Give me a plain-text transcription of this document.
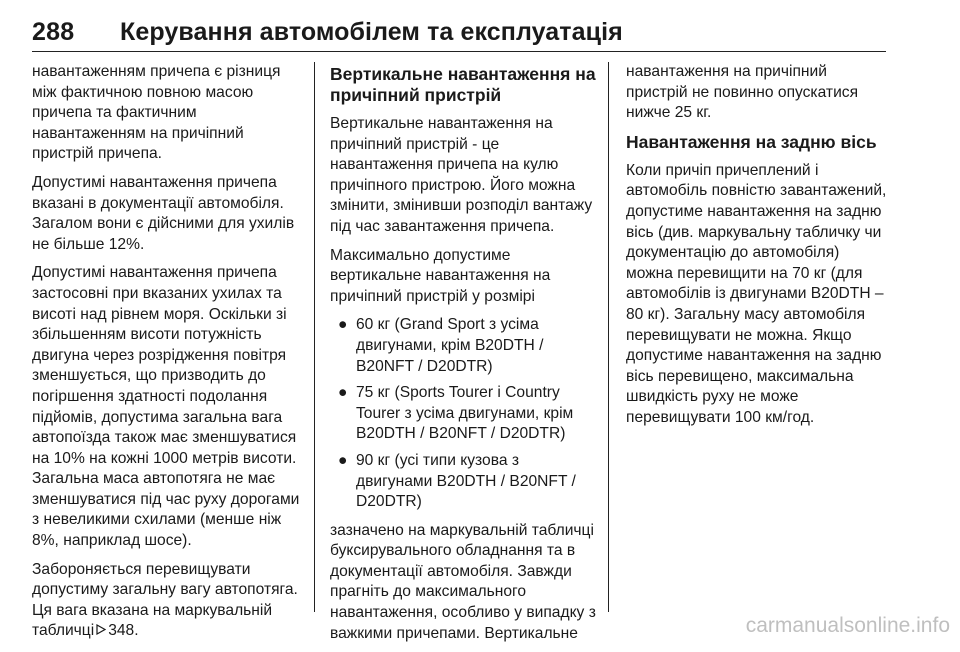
288 Керування автомобілем та експлуатація

навантаженням причепа є різниця між фактичною повною масою причепа та фактичним навантаженням на причіпний пристрій причепа.

Допустимі навантаження причепа вказані в документації автомобіля. Загалом вони є дійсними для ухилів не більше 12%.

Допустимі навантаження причепа застосовні при вказаних ухилах та висоті над рівнем моря. Оскільки зі збільшенням висоти потужність двигуна через розрідження повітря зменшується, що призводить до погіршення здатності подолання підйомів, допустима загальна вага автопоїзда також має зменшуватися на 10% на кожні 1000 метрів висоти. Загальна маса автопотяга не має зменшуватися під час руху дорогами з невеликими схилами (менше ніж 8%, наприклад шосе).

Забороняється перевищувати допустиму загальну вагу автопотяга. Ця вага вказана на маркувальній табличці 348.

Вертикальне навантаження на причіпний пристрій

Вертикальне навантаження на причіпний пристрій - це навантаження причепа на кулю причіпного пристрою. Його можна змінити, змінивши розподіл вантажу під час завантаження причепа.

Максимально допустиме вертикальне навантаження на причіпний пристрій у розмірі

● 60 кг (Grand Sport з усіма двигунами, крім B20DTH / B20NFT / D20DTR)
● 75 кг (Sports Tourer і Country Tourer з усіма двигунами, крім B20DTH / B20NFT / D20DTR)
● 90 кг (усі типи кузова з двигунами B20DTH / B20NFT / D20DTR)

зазначено на маркувальній табличці буксирувального обладнання та в документації автомобіля. Завжди прагніть до максимального навантаження, особливо у випадку з важкими причепами. Вертикальне

навантаження на причіпний пристрій не повинно опускатися нижче 25 кг.

Навантаження на задню вісь

Коли причіп причеплений і автомобіль повністю завантажений, допустиме навантаження на задню вісь (див. маркувальну табличку чи документацію до автомобіля) можна перевищити на 70 кг (для автомобілів із двигунами B20DTH – 80 кг). Загальну масу автомобіля перевищувати не можна. Якщо допустиме навантаження на задню вісь перевищено, максимальна швидкість руху не може перевищувати 100 км/год.

carmanualsonline.info
